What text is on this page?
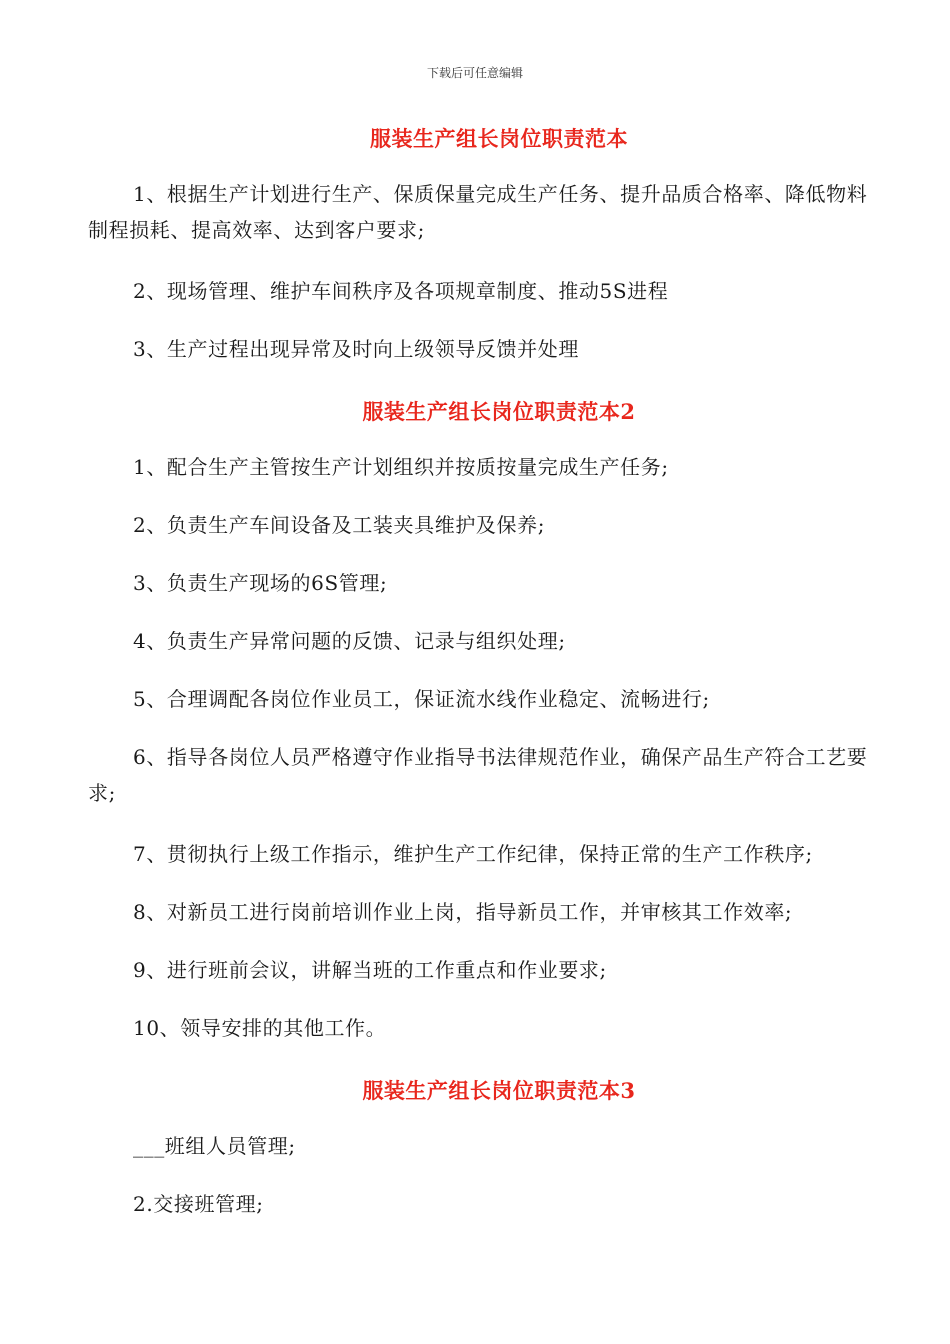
下载后可任意编辑
服装生产组长岗位职责范本

1、根据生产计划进行生产、保质保量完成生产任务、提升品质合格率、降低物料制程损耗、提高效率、达到客户要求;

2、现场管理、维护车间秩序及各项规章制度、推动5S进程

3、生产过程出现异常及时向上级领导反馈并处理

服装生产组长岗位职责范本2

1、配合生产主管按生产计划组织并按质按量完成生产任务;

2、负责生产车间设备及工装夹具维护及保养;

3、负责生产现场的6S管理;

4、负责生产异常问题的反馈、记录与组织处理;

5、合理调配各岗位作业员工，保证流水线作业稳定、流畅进行;

6、指导各岗位人员严格遵守作业指导书法律规范作业，确保产品生产符合工艺要求;

7、贯彻执行上级工作指示，维护生产工作纪律，保持正常的生产工作秩序;

8、对新员工进行岗前培训作业上岗，指导新员工作，并审核其工作效率;

9、进行班前会议，讲解当班的工作重点和作业要求;

10、领导安排的其他工作。

服装生产组长岗位职责范本3

___班组人员管理;

2.交接班管理;
